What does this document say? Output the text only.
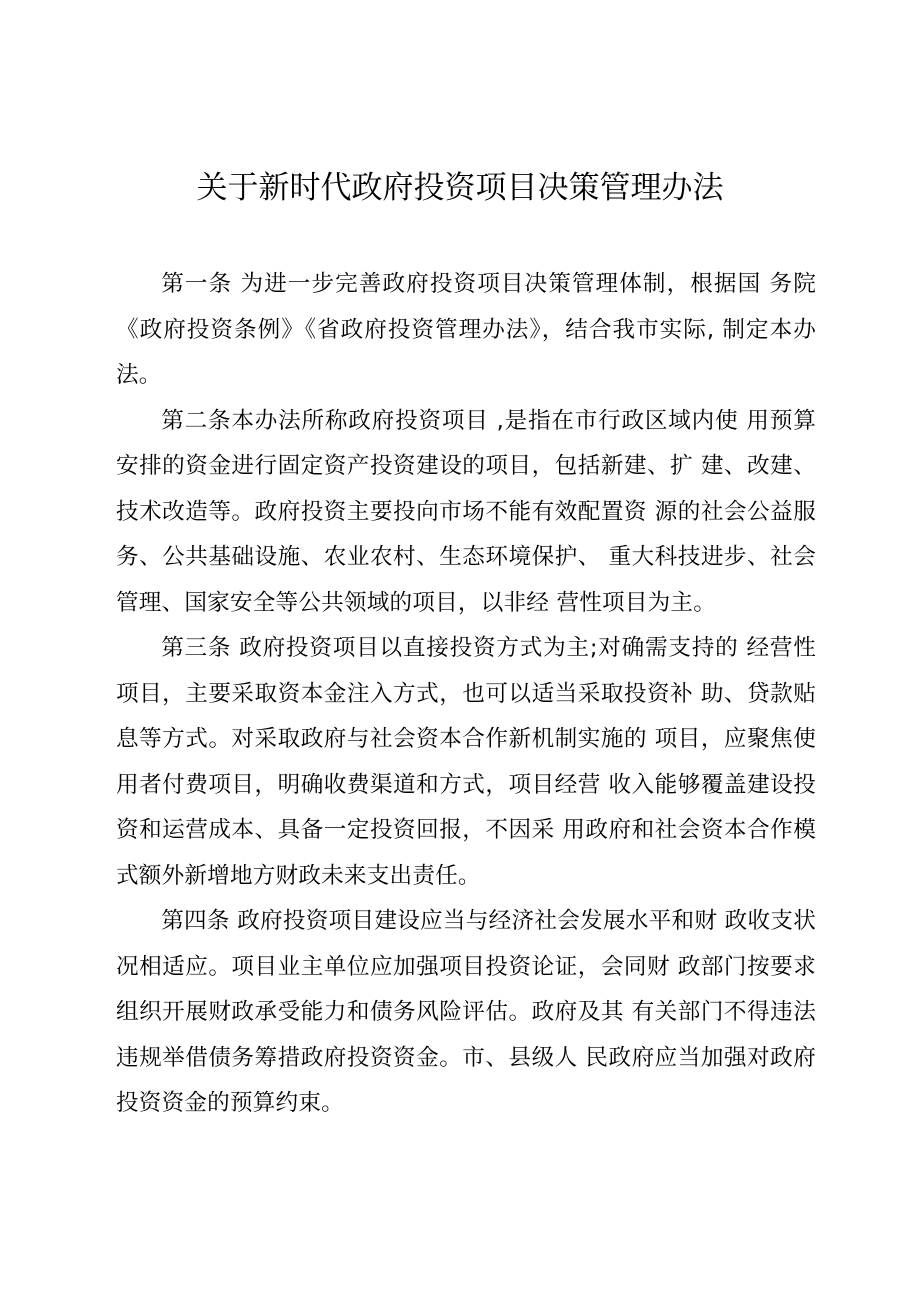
关于新时代政府投资项目决策管理办法

第一条 为进一步完善政府投资项目决策管理体制，根据国 务院《政府投资条例》《省政府投资管理办法》，结合我市实际, 制定本办法。

第二条本办法所称政府投资项目 ,是指在市行政区域内使 用预算安排的资金进行固定资产投资建设的项目，包括新建、扩 建、改建、技术改造等。政府投资主要投向市场不能有效配置资 源的社会公益服务、公共基础设施、农业农村、生态环境保护、 重大科技进步、社会管理、国家安全等公共领域的项目，以非经 营性项目为主。

第三条 政府投资项目以直接投资方式为主;对确需支持的 经营性项目，主要采取资本金注入方式，也可以适当采取投资补 助、贷款贴息等方式。对采取政府与社会资本合作新机制实施的 项目，应聚焦使用者付费项目，明确收费渠道和方式，项目经营 收入能够覆盖建设投资和运营成本、具备一定投资回报，不因采 用政府和社会资本合作模式额外新增地方财政未来支出责任。

第四条 政府投资项目建设应当与经济社会发展水平和财 政收支状况相适应。项目业主单位应加强项目投资论证，会同财 政部门按要求组织开展财政承受能力和债务风险评估。政府及其 有关部门不得违法违规举借债务筹措政府投资资金。市、县级人 民政府应当加强对政府投资资金的预算约束。
